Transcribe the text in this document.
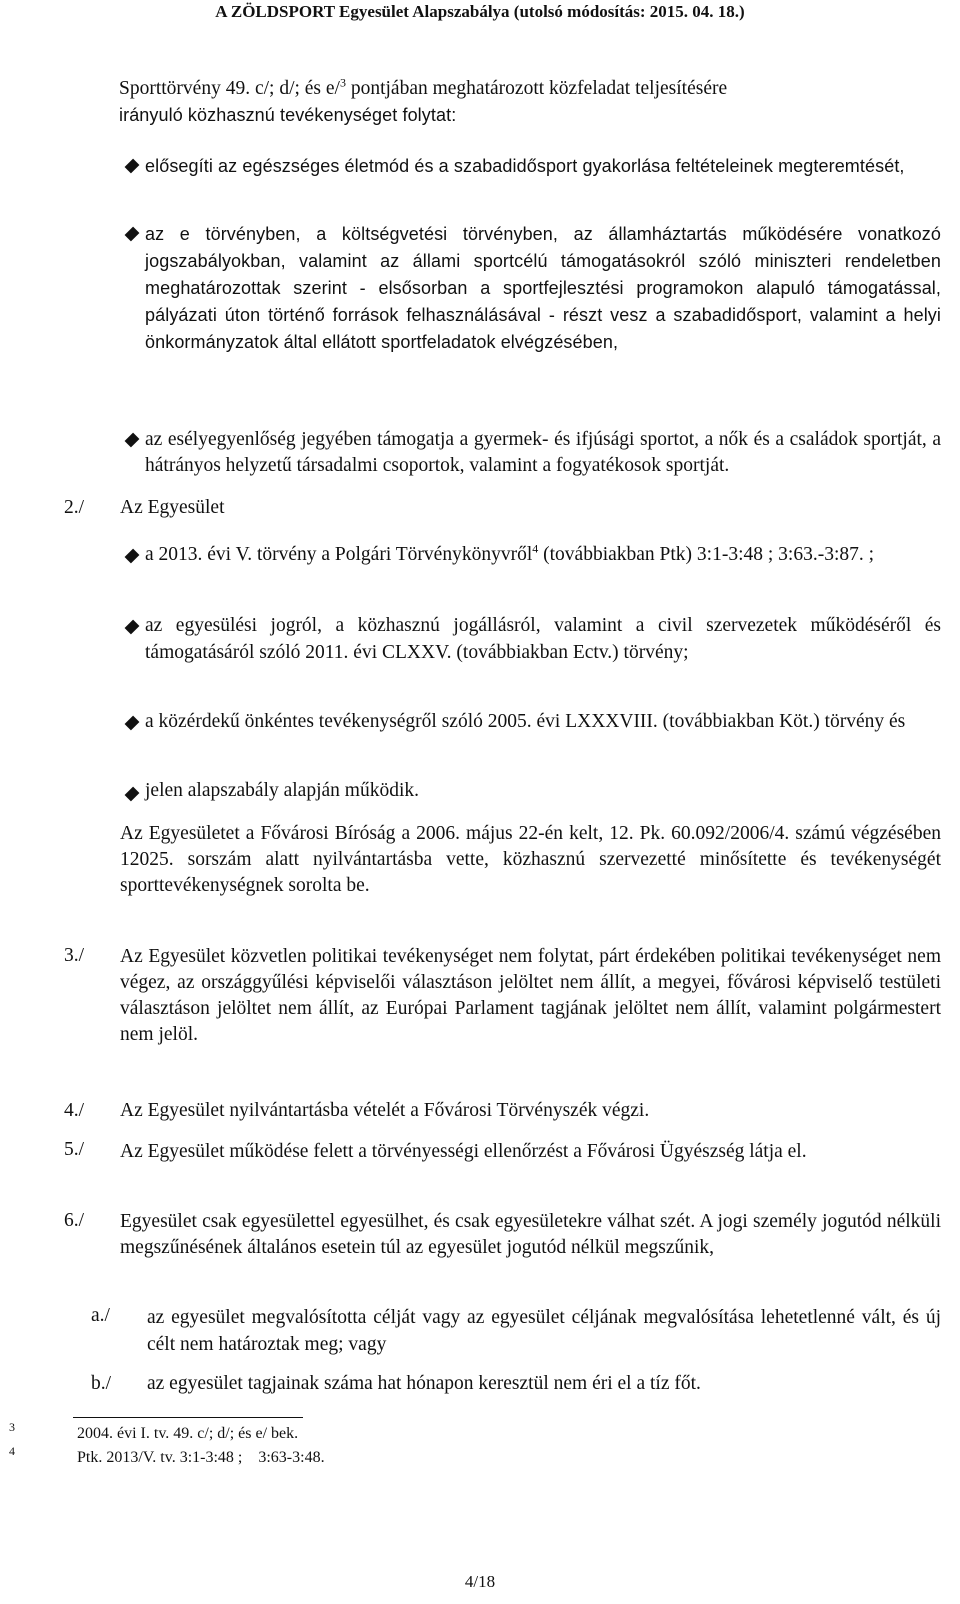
A ZÖLDSPORT Egyesület Alapszabálya (utolsó módosítás: 2015. 04. 18.)
Sporttörvény 49. c/; d/; és e/$^3$ pontjában meghatározott közfeladat teljesítésére
irányuló közhasznú tevékenységet folytat:
elősegíti az egészséges életmód és a szabadidősport gyakorlása feltételeinek megteremtését,
az e törvényben, a költségvetési törvényben, az államháztartás működésére vonatkozó jogszabályokban, valamint az állami sportcélú támogatásokról szóló miniszteri rendeletben meghatározottak szerint - elsősorban a sportfejlesztési programokon alapuló támogatással, pályázati úton történő források felhasználásával - részt vesz a szabadidősport, valamint a helyi önkormányzatok által ellátott sportfeladatok elvégzésében,
az esélyegyenlőség jegyében támogatja a gyermek- és ifjúsági sportot, a nők és a családok sportját, a hátrányos helyzetű társadalmi csoportok, valamint a fogyatékosok sportját.
2./ Az Egyesület
a 2013. évi V. törvény a Polgári Törvénykönyvről$^4$ (továbbiakban Ptk) 3:1-3:48 ; 3:63.-3:87. ;
az egyesülési jogról, a közhasznú jogállásról, valamint a civil szervezetek működéséről és támogatásáról szóló 2011. évi CLXXV. (továbbiakban Ectv.) törvény;
a közérdekű önkéntes tevékenységről szóló 2005. évi LXXXVIII. (továbbiakban Köt.) törvény és
jelen alapszabály alapján működik.
Az Egyesületet a Fővárosi Bíróság a 2006. május 22-én kelt, 12. Pk. 60.092/2006/4. számú végzésében 12025. sorszám alatt nyilvántartásba vette, közhasznú szervezetté minősítette és tevékenységét sporttevékenységnek sorolta be.
3./ Az Egyesület közvetlen politikai tevékenységet nem folytat, párt érdekében politikai tevékenységet nem végez, az országgyűlési képviselői választáson jelöltet nem állít, a megyei, fővárosi képviselő testületi választáson jelöltet nem állít, az Európai Parlament tagjának jelöltet nem állít, valamint polgármestert nem jelöl.
4./ Az Egyesület nyilvántartásba vételét a Fővárosi Törvényszék végzi.
5./ Az Egyesület működése felett a törvényességi ellenőrzést a Fővárosi Ügyészség látja el.
6./ Egyesület csak egyesülettel egyesülhet, és csak egyesületekre válhat szét. A jogi személy jogutód nélküli megszűnésének általános esetein túl az egyesület jogutód nélkül megszűnik,
a./ az egyesület megvalósította célját vagy az egyesület céljának megvalósítása lehetetlenné vált, és új célt nem határoztak meg; vagy
b./ az egyesület tagjainak száma hat hónapon keresztül nem éri el a tíz főt.
3	2004. évi I. tv. 49. c/; d/; és e/ bek.
4	Ptk. 2013/V. tv. 3:1-3:48 ;    3:63-3:48.
4/18
